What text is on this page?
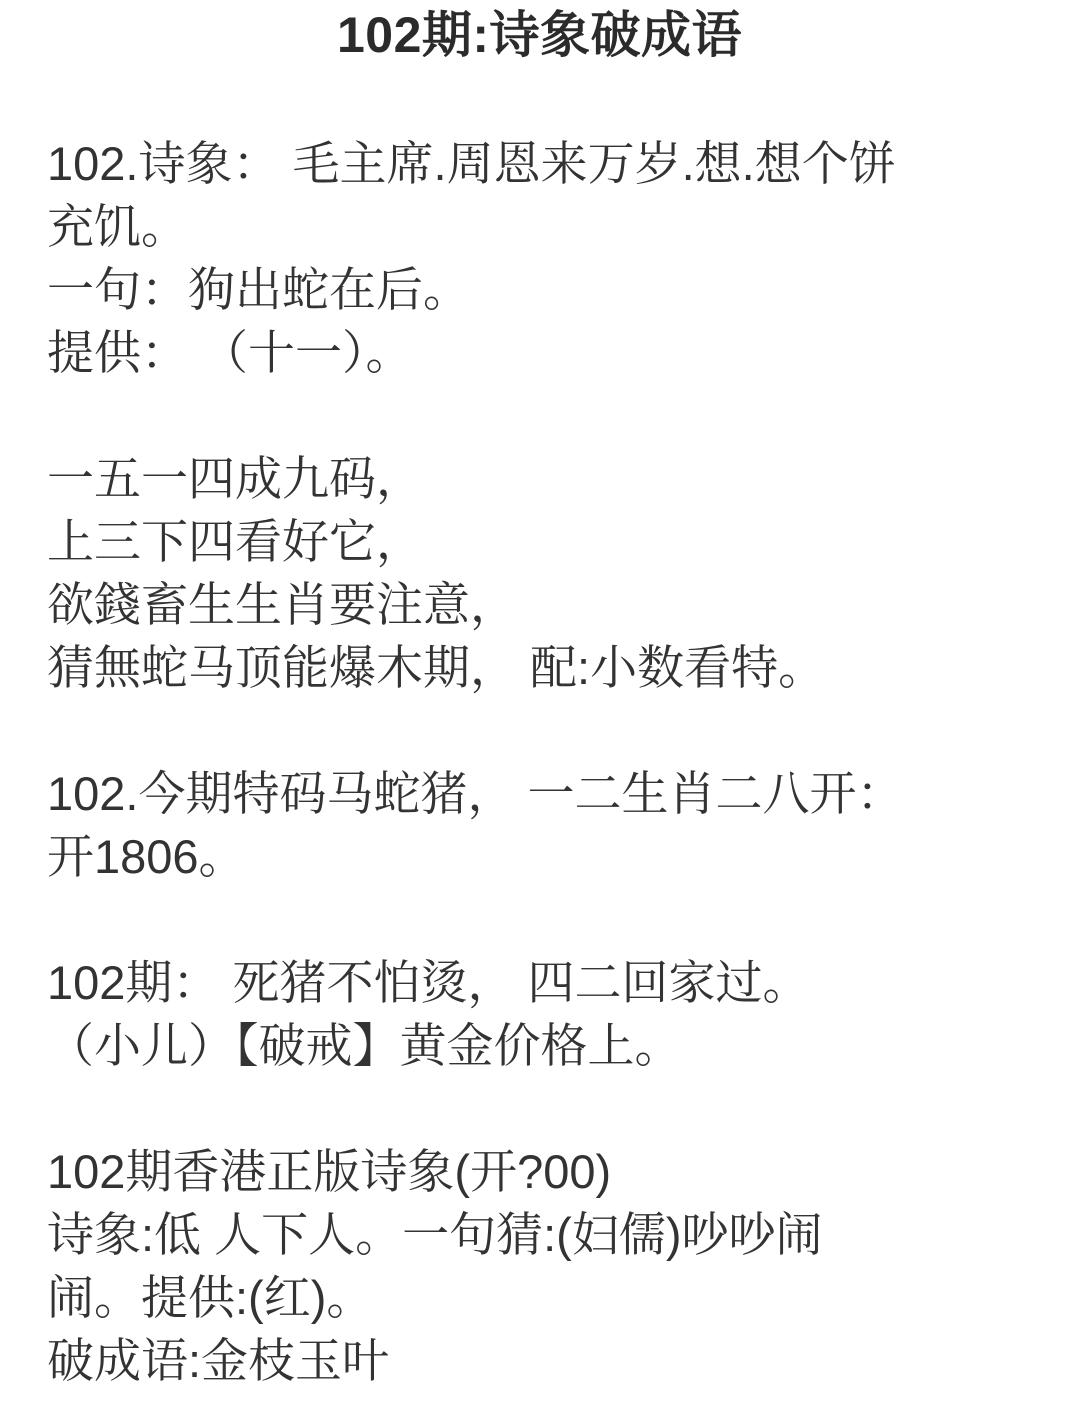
102期:诗象破成语
102.诗象： 毛主席.周恩来万岁.想.想个饼
充饥。
一句：狗出蛇在后。
提供： （十一）。
一五一四成九码，
上三下四看好它，
欲錢畜生生肖要注意，
猜無蛇马顶能爆木期， 配:小数看特。
102.今期特码马蛇猪， 一二生肖二八开：
开1806。
102期： 死猪不怕烫， 四二回家过。
（小儿）【破戒】黄金价格上。
102期香港正版诗象(开?00)
诗象:低 人下人。一句猜:(妇儒)吵吵闹
闹。提供:(红)。
破成语:金枝玉叶
